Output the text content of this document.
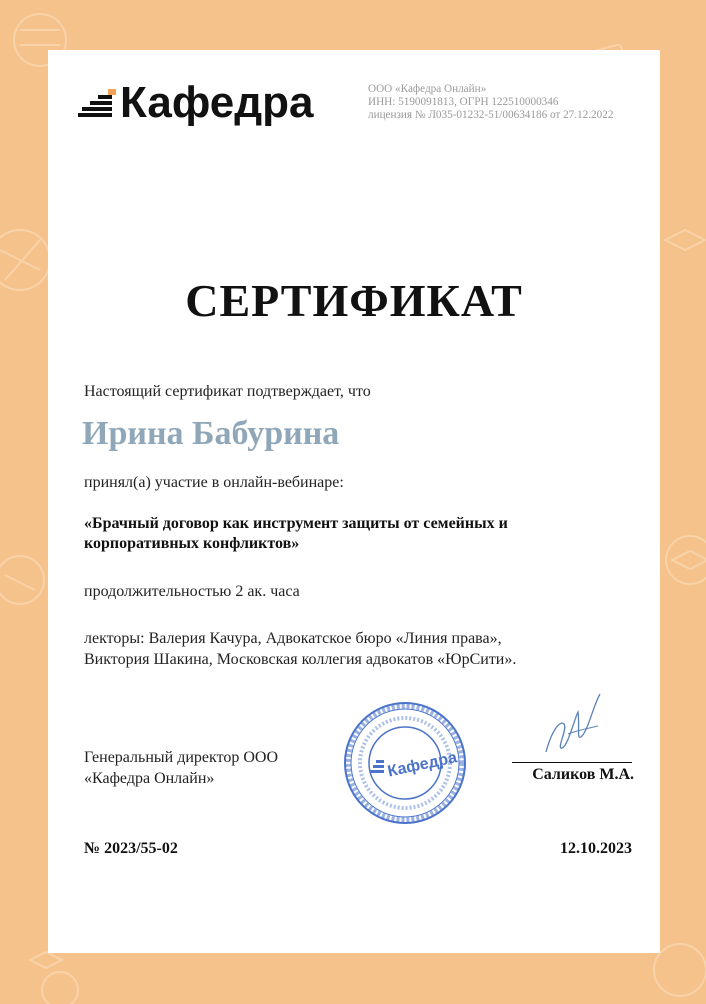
Кафедра	ООО «Кафедра Онлайн»
ИНН: 5190091813, ОГРН 122510000346
лицензия № Л035-01232-51/00634186 от 27.12.2022
СЕРТИФИКАТ
Настоящий сертификат подтверждает, что
Ирина Бабурина
принял(а) участие в онлайн-вебинаре:
«Брачный договор как инструмент защиты от семейных и
корпоративных конфликтов»
продолжительностью 2 ак. часа
лекторы: Валерия Качура, Адвокатское бюро «Линия права»,
Виктория Шакина, Московская коллегия адвокатов «ЮрСити».
Генеральный директор ООО
«Кафедра Онлайн»	Кафедра	Саликов М.А.
№ 2023/55-02	12.10.2023
